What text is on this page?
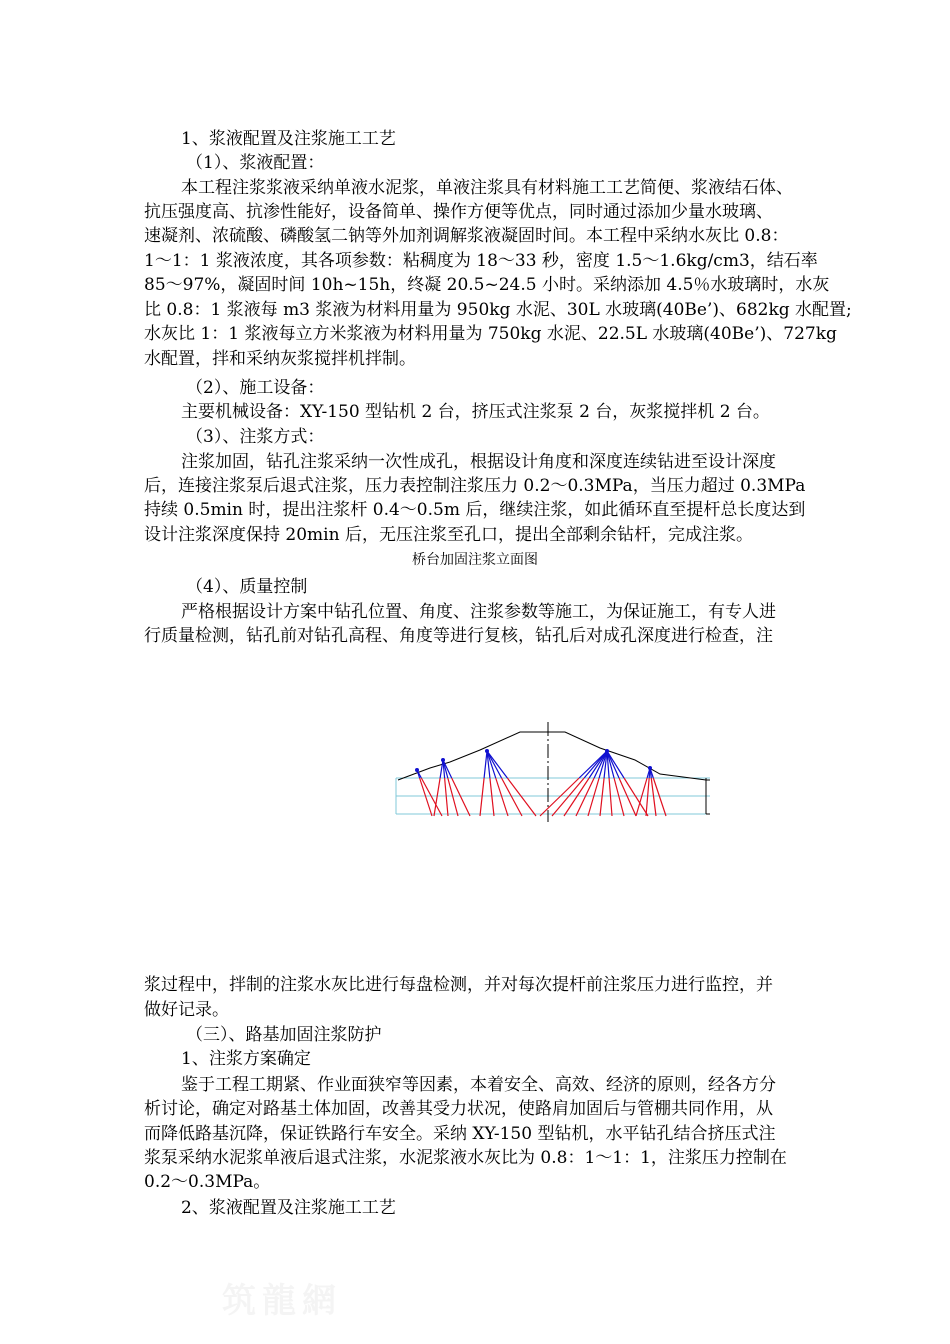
1、浆液配置及注浆施工工艺
（1）、浆液配置：
本工程注浆浆液采纳单液水泥浆，单液注浆具有材料施工工艺简便、浆液结石体、
抗压强度高、抗渗性能好，设备简单、操作方便等优点，同时通过添加少量水玻璃、
速凝剂、浓硫酸、磷酸氢二钠等外加剂调解浆液凝固时间。本工程中采纳水灰比 0.8：
1～1：1 浆液浓度，其各项参数：粘稠度为 18～33 秒，密度 1.5～1.6kg/cm3，结石率
85～97%，凝固时间 10h~15h，终凝 20.5~24.5 小时。采纳添加 4.5％水玻璃时，水灰
比 0.8：1 浆液每 m3 浆液为材料用量为 950kg 水泥、30L 水玻璃(40Be’)、682kg 水配置;
水灰比 1：1 浆液每立方米浆液为材料用量为 750kg 水泥、22.5L 水玻璃(40Be’)、727kg
水配置，拌和采纳灰浆搅拌机拌制。
（2）、施工设备：
主要机械设备：XY-150 型钻机 2 台，挤压式注浆泵 2 台，灰浆搅拌机 2 台。
（3）、注浆方式：
注浆加固，钻孔注浆采纳一次性成孔，根据设计角度和深度连续钻进至设计深度
后，连接注浆泵后退式注浆，压力表控制注浆压力 0.2～0.3MPa，当压力超过 0.3MPa
持续 0.5min 时，提出注浆杆 0.4～0.5m 后，继续注浆，如此循环直至提杆总长度达到
设计注浆深度保持 20min 后，无压注浆至孔口，提出全部剩余钻杆，完成注浆。
桥台加固注浆立面图
（4）、质量控制
严格根据设计方案中钻孔位置、角度、注浆参数等施工，为保证施工，有专人进
行质量检测，钻孔前对钻孔高程、角度等进行复核，钻孔后对成孔深度进行检查，注
浆过程中，拌制的注浆水灰比进行每盘检测，并对每次提杆前注浆压力进行监控，并
做好记录。
（三）、路基加固注浆防护
1、注浆方案确定
鉴于工程工期紧、作业面狭窄等因素，本着安全、高效、经济的原则，经各方分
析讨论，确定对路基土体加固，改善其受力状况，使路肩加固后与管棚共同作用，从
而降低路基沉降，保证铁路行车安全。采纳 XY-150 型钻机，水平钻孔结合挤压式注
浆泵采纳水泥浆单液后退式注浆，水泥浆液水灰比为 0.8：1～1：1，注浆压力控制在
0.2～0.3MPa。
2、浆液配置及注浆施工工艺
